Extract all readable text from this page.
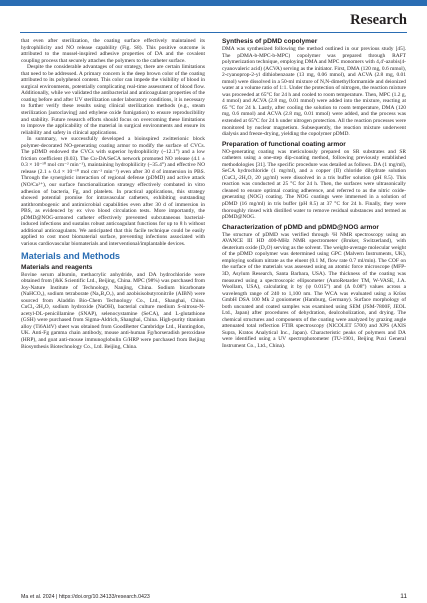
Research

that even after sterilization, the coating surface effectively maintained its hydrophilicity and NO release capability (Fig. S8). This positive outcome is attributed to the mussel-inspired adhesive properties of DA and the covalent coupling process that securely attaches the polymers to the catheter surface.

Despite the considerable advantages of our strategy, there are certain limitations that need to be addressed. A primary concern is the deep brown color of the coating attributed to its polyphenol content. This color can impede the visibility of blood in surgical environments, potentially complicating real-time assessment of blood flow. Additionally, while we validated the antibacterial and anticoagulant properties of the coating before and after UV sterilization under laboratory conditions, it is necessary to further verify these results using clinical sterilization methods (e.g., steam sterilization [autoclaving] and ethylene oxide fumigation) to ensure reproducibility and stability. Future research efforts should focus on overcoming these limitations to improve the applicability of the material in surgical environments and ensure its reliability and safety in clinical applications.

In summary, we successfully developed a bioinspired zwitterionic block polymer-decorated NO-generating coating armor to modify the surface of CVCs. The pDMD endowed the CVCs with superior hydrophilicity (~12.1°) and a low friction coefficient (0.03). The Cu-DA/SeCA network promoted NO release (4.1 ± 0.3 × 10⁻¹⁰ mol cm⁻² min⁻¹), maintaining hydrophilicity (~35.4°) and effective NO release (2.1 ± 0.4 × 10⁻¹⁰ mol cm⁻² min⁻¹) even after 30 d of immersion in PBS. Through the synergistic interaction of regional defense (pDMD) and active attack (NO/Cu²⁺), our surface functionalization strategy effectively combated in vitro adhesion of bacteria, Fg, and platelets. In practical applications, this strategy showed potential promise for intravascular catheters, exhibiting outstanding antithrombogenic and antimicrobial capabilities even after 30 d of immersion in PBS, as evidenced by ex vivo blood circulation tests. More importantly, the pDMD@NOG-armored catheter effectively prevented subcutaneous bacterial-induced infections and sustains robust anticoagulant functions for up to 8 h without additional anticoagulants. We anticipated that this facile technique could be easily applied to cost most biomaterial surface, preventing infections associated with various cardiovascular biomaterials and interventional/implantable devices.

Materials and Methods
Materials and reagents

Bovine serum albumin, methacrylic anhydride, and DA hydrochloride were obtained from [&K Scientific Ltd., Beijing, China. MPC (98%) was purchased from Joy-Nature Institute of Technology, Nanjing, China. Sodium bicarbonate (NaHCO₃), sodium tetraborate (Na₂B₄O₇), and azobisisobutyronitrile (AIBN) were sourced from Aladdin Bio-Chem Technology Co., Ltd., Shanghai, China. CuCl₂·2H₂O, sodium hydroxide (NaOH), bacterial culture medium S-nitroso-N-acetyl-DL-penicillamine (SNAP), selenocystamine (SeCA), and L-glutathione (GSH) were purchased from Sigma-Aldrich, Shanghai, China. High-purity titanium alloy (Ti6Al4V) sheet was obtained from GoodBetter Cambridge Ltd., Huntingdon, UK. Anti-Fg gamma chain antibody, mouse anti-human Fg/horseradish peroxidase (HRP), and goat anti-mouse immunoglobulin G/HRP were purchased from Beijing Biosynthesis Biotechnology Co., Ltd. Beijing, China.

Synthesis of pDMD copolymer

DMA was synthesized following the method outlined in our previous study [45]. The pDMA-b-MPC-b-MPC) copolymer was prepared through RAFT polymerization technique, employing DMA and MPC monomers with 4,4'-azobis(4-cyanovaleric acid) (ACVA) serving as the initiator. First, DMA (120 mg, 0.6 mmol), 2-cyanoprop-2-yl dithiobenzoate (13 mg, 0.06 mmol), and ACVA (2.8 mg, 0.01 mmol) were dissolved in a 50-ml mixture of N,N-dimethylformamide and deionized water at a volume ratio of 1:1. Under the protection of nitrogen, the reaction mixture was proceeded at 65°C for 24 h and cooled to room temperature. Then, MPC (1.2 g, 4 mmol) and ACVA (2.8 mg, 0.01 mmol) were added into the mixture, reacting at 65 °C for 24 h. Lastly, after cooling the solution to room temperature, DMA (120 mg, 0.6 mmol) and ACVA (2.8 mg, 0.01 mmol) were added, and the process was extended at 65°C for 24 h under nitrogen protection. All the reaction processes were monitored by nuclear magnetism. Subsequently, the reaction mixture underwent dialysis and freeze-drying, yielding the copolymer pDMD.

Preparation of functional coating armor

NO-generating coating was meticulously prepared on SR substrates and SR catheters using a one-step dip-coating method, following previously established methodologies [31]. The specific procedure was detailed as follows. DA (1 mg/ml), SeCA hydrochloride (1 mg/ml), and a copper (II) chloride dihydrate solution (CuCl₂·2H₂O, 20 µg/ml) were dissolved in a tris buffer solution (pH 8.5). This reaction was conducted at 25 °C for 24 h. Then, the surfaces were ultrasonically cleaned to ensure optimal coating adherence, and referred to as the nitric oxide-generating (NOG) coating. The NOG coatings were immersed in a solution of pDMD (16 mg/ml) in tris buffer (pH 8.5) at 37 °C for 24 h. Finally, they were thoroughly rinsed with distilled water to remove residual substances and termed as pDMD@NOG.

Characterization of pDMD and pDMD@NOG armor

The structure of pDMD was verified through ¹H NMR spectroscopy using an AVANCE III HD 400-MHz NMR spectrometer (Bruker, Switzerland), with deuterium oxide (D₂O) serving as the solvent. The weight-average molecular weight of the pDMD copolymer was determined using GPC (Malvern Instruments, UK), employing sodium nitrate as the eluent (0.1 M, flow rate 0.7 ml/min). The COF on the surface of the materials was assessed using an atomic force microscope (MFP-3D, Asylum Research, Santa Barbara, USA). The thickness of the coating was measured using a spectroscopic ellipsometer (AutoRetarder TM, W-VASE, J.A. Woollam, USA), calculating it by (ψ 0.015°) and (Δ 0.08°) values across a wavelength range of 240 to 1,100 nm. The WCA was evaluated using a Krüss GmbH DSA 100 Mk 2 goniometer (Hamburg, Germany). Surface morphology of both uncoated and coated samples was examined using SEM (JSM-7800F, JEOL Ltd., Japan) after procedures of dehydration, dealcoholization, and drying. The chemical structures and components of the coating were analyzed by grazing angle attenuated total reflection FTIR spectroscopy (NICOLET 5700) and XPS (AXIS Supra, Kratos Analytical Inc., Japan). Characteristic peaks of polymers and DA were identified using a UV spectrophotometer (TU-1901, Beijing Puxi General Instrument Co., Ltd., China).

Ma et al. 2024 | https://doi.org/10.34133/research.0423	11
